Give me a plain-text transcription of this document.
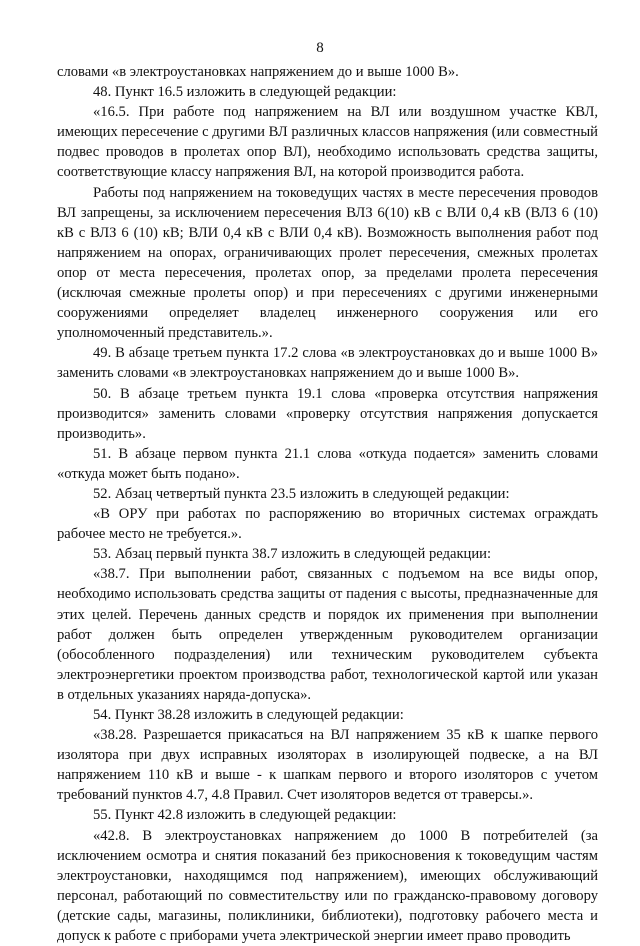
8

словами «в электроустановках напряжением до и выше 1000 В».

48. Пункт 16.5 изложить в следующей редакции:

«16.5. При работе под напряжением на ВЛ или воздушном участке КВЛ, имеющих пересечение с другими ВЛ различных классов напряжения (или совместный подвес проводов в пролетах опор ВЛ), необходимо использовать средства защиты, соответствующие классу напряжения ВЛ, на которой производится работа.

Работы под напряжением на токоведущих частях в месте пересечения проводов ВЛ запрещены, за исключением пересечения ВЛЗ 6(10) кВ с ВЛИ 0,4 кВ (ВЛЗ 6 (10) кВ с ВЛЗ 6 (10) кВ; ВЛИ 0,4 кВ с ВЛИ 0,4 кВ). Возможность выполнения работ под напряжением на опорах, ограничивающих пролет пересечения, смежных пролетах опор от места пересечения, пролетах опор, за пределами пролета пересечения (исключая смежные пролеты опор) и при пересечениях с другими инженерными сооружениями определяет владелец инженерного сооружения или его уполномоченный представитель.».

49. В абзаце третьем пункта 17.2 слова «в электроустановках до и выше 1000 В» заменить словами «в электроустановках напряжением до и выше 1000 В».

50. В абзаце третьем пункта 19.1 слова «проверка отсутствия напряжения производится» заменить словами «проверку отсутствия напряжения допускается производить».

51. В абзаце первом пункта 21.1 слова «откуда подается» заменить словами «откуда может быть подано».

52. Абзац четвертый пункта 23.5 изложить в следующей редакции:

«В ОРУ при работах по распоряжению во вторичных системах ограждать рабочее место не требуется.».

53. Абзац первый пункта 38.7 изложить в следующей редакции:

«38.7. При выполнении работ, связанных с подъемом на все виды опор, необходимо использовать средства защиты от падения с высоты, предназначенные для этих целей. Перечень данных средств и порядок их применения при выполнении работ должен быть определен утвержденным руководителем организации (обособленного подразделения) или техническим руководителем субъекта электроэнергетики проектом производства работ, технологической картой или указан в отдельных указаниях наряда-допуска».

54. Пункт 38.28 изложить в следующей редакции:

«38.28. Разрешается прикасаться на ВЛ напряжением 35 кВ к шапке первого изолятора при двух исправных изоляторах в изолирующей подвеске, а на ВЛ напряжением 110 кВ и выше - к шапкам первого и второго изоляторов с учетом требований пунктов 4.7, 4.8 Правил. Счет изоляторов ведется от траверсы.».

55. Пункт 42.8 изложить в следующей редакции:

«42.8. В электроустановках напряжением до 1000 В потребителей (за исключением осмотра и снятия показаний без прикосновения к токоведущим частям электроустановки, находящимся под напряжением), имеющих обслуживающий персонал, работающий по совместительству или по гражданско-правовому договору (детские сады, магазины, поликлиники, библиотеки), подготовку рабочего места и допуск к работе с приборами учета электрической энергии имеет право проводить
